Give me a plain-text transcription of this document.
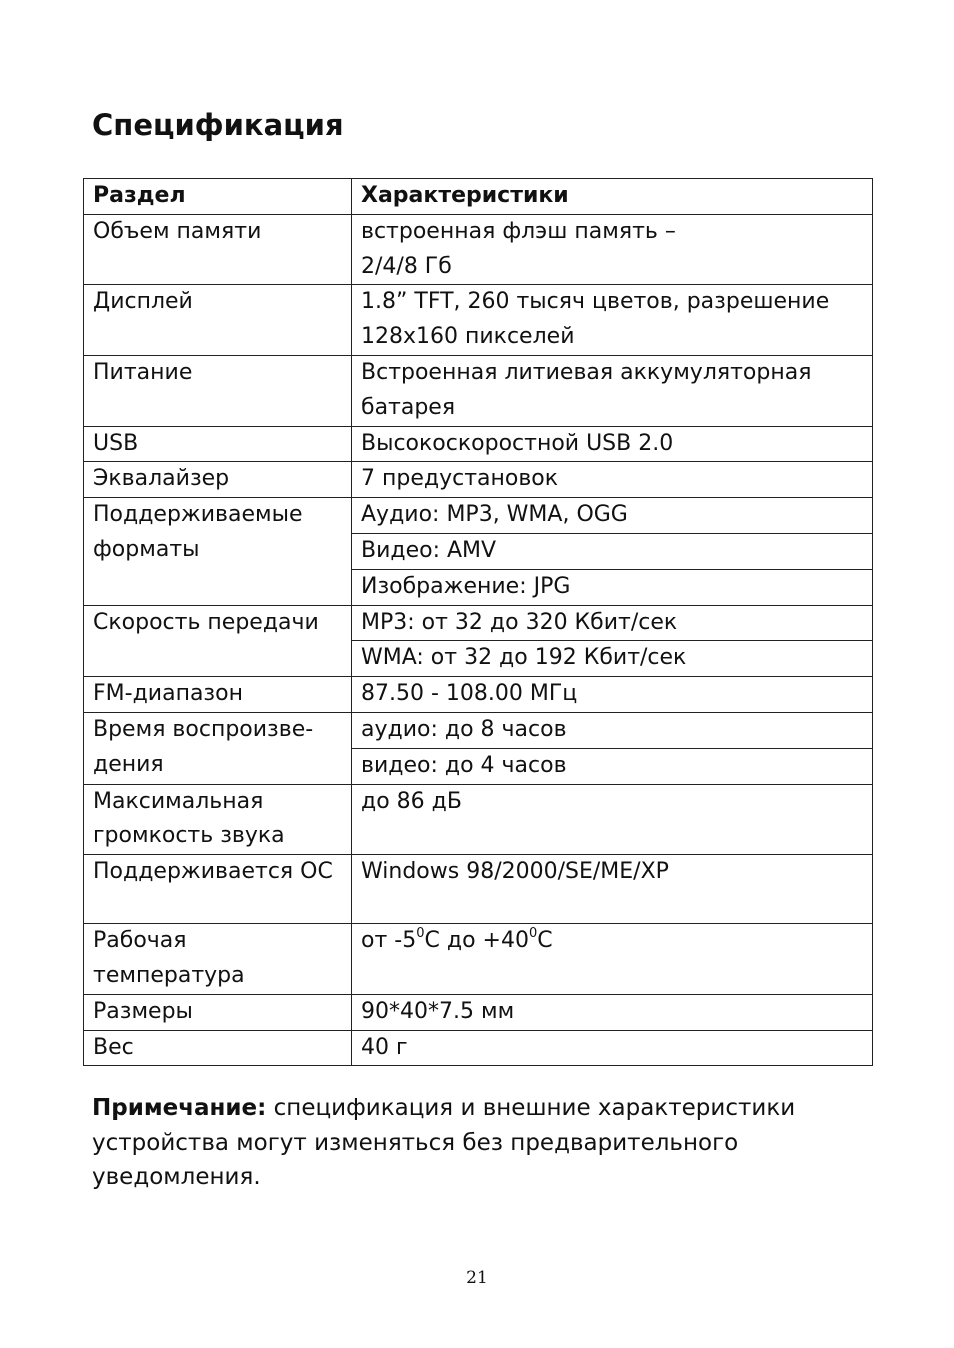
Спецификация
Раздел	Характеристики
Объем памяти	встроенная флэш память –
2/4/8 Гб
Дисплей	1.8” TFT, 260 тысяч цветов, разрешение
128x160 пикселей
Питание	Встроенная литиевая аккумуляторная
батарея
USB	Высокоскоростной USB 2.0
Эквалайзер	7 предустановок
Поддерживаемые
форматы	Аудио: MP3, WMA, OGG
	Видео: AMV
	Изображение: JPG
Скорость передачи	MP3: от 32 до 320 Кбит/сек
	WMA: от 32 до 192 Кбит/сек
FM-диапазон	87.50 - 108.00 МГц
Время воспроизве-
дения	аудио: до 8 часов
	видео: до 4 часов
Максимальная
громкость звука	до 86 дБ
Поддерживается ОС	Windows 98/2000/SE/ME/XP
Рабочая
температура	от $-5^0С$ до $+40^0С$
Размеры	90*40*7.5 мм
Вес	40 г

Примечание: спецификация и внешние характеристики устройства могут изменяться без предварительного уведомления.

21
